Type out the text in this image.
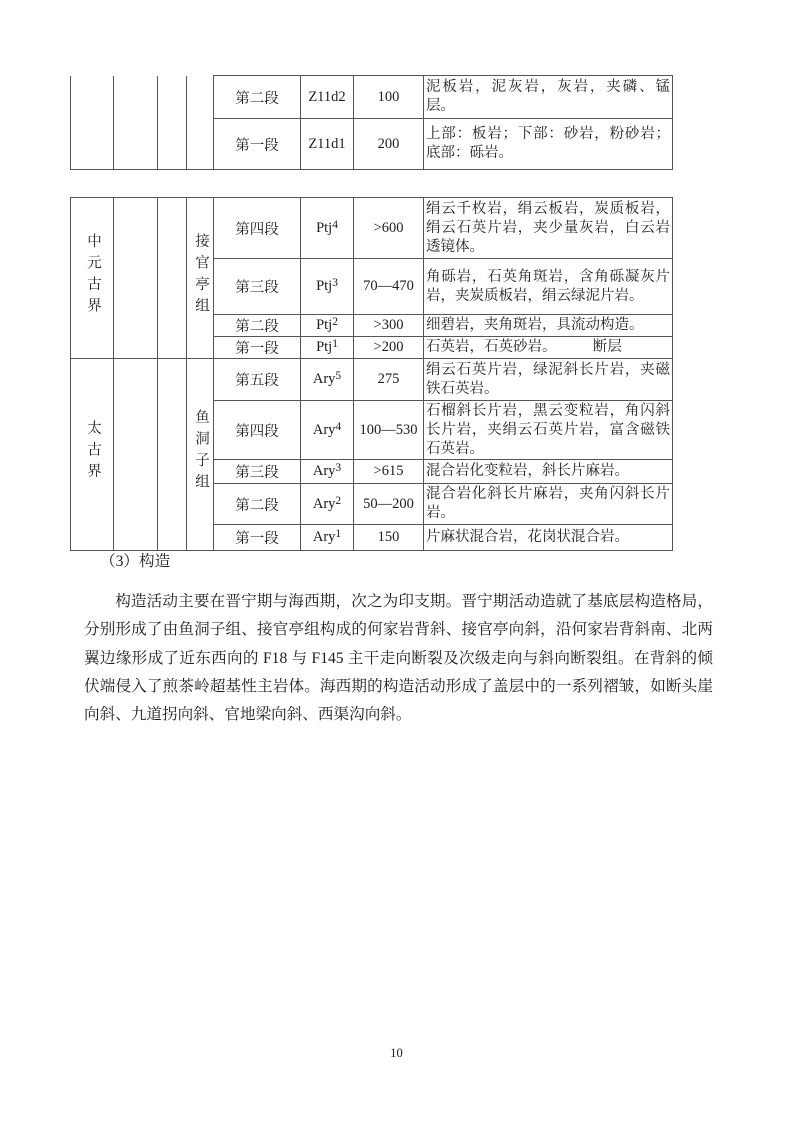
				第二段	Z11d2	100	泥板岩，泥灰岩，灰岩，夹磷、锰层。
				第一段	Z11d1	200	上部：板岩；下部：砂岩，粉砂岩；底部：砾岩。
中元古界			接官亭组	第四段	Ptj$^4$	>600	绢云千枚岩，绢云板岩，炭质板岩，绢云石英片岩，夹少量灰岩，白云岩透镜体。
				第三段	Ptj$^3$	70—470	角砾岩，石英角斑岩，含角砾凝灰片岩，夹炭质板岩，绢云绿泥片岩。
				第二段	Ptj$^2$	>300	细碧岩，夹角斑岩，具流动构造。
				第一段	Ptj$^1$	>200	石英岩，石英砂岩。　　　断层
太古界			鱼洞子组	第五段	Ary$^5$	275	绢云石英片岩，绿泥斜长片岩，夹磁铁石英岩。
				第四段	Ary$^4$	100—530	石榴斜长片岩，黑云变粒岩，角闪斜长片岩，夹绢云石英片岩，富含磁铁石英岩。
				第三段	Ary$^3$	>615	混合岩化变粒岩，斜长片麻岩。
				第二段	Ary$^2$	50—200	混合岩化斜长片麻岩，夹角闪斜长片岩。
				第一段	Ary$^1$	150	片麻状混合岩，花岗状混合岩。
（3）构造

构造活动主要在晋宁期与海西期，次之为印支期。晋宁期活动造就了基底层构造格局，分别形成了由鱼洞子组、接官亭组构成的何家岩背斜、接官亭向斜，沿何家岩背斜南、北两翼边缘形成了近东西向的 F18 与 F145 主干走向断裂及次级走向与斜向断裂组。在背斜的倾伏端侵入了煎茶岭超基性主岩体。海西期的构造活动形成了盖层中的一系列褶皱，如断头崖向斜、九道拐向斜、官地梁向斜、西渠沟向斜。

10
